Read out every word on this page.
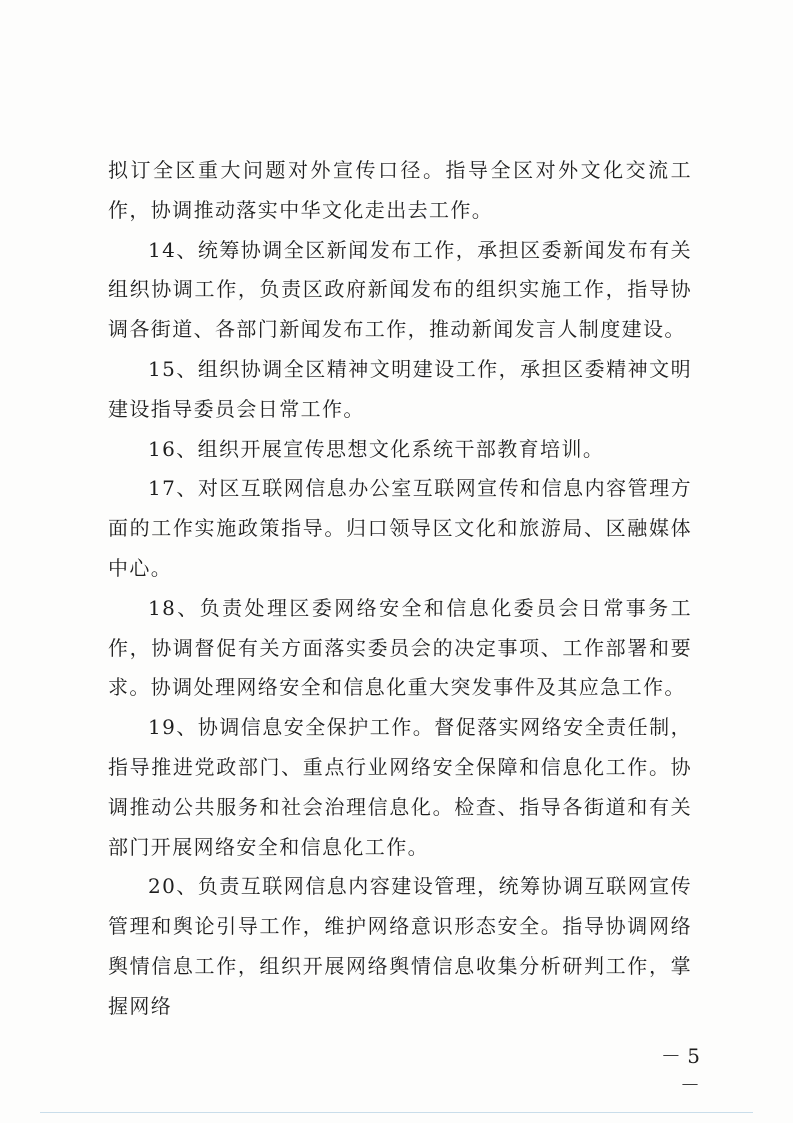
拟订全区重大问题对外宣传口径。指导全区对外文化交流工作，协调推动落实中华文化走出去工作。

14、统筹协调全区新闻发布工作，承担区委新闻发布有关组织协调工作，负责区政府新闻发布的组织实施工作，指导协调各街道、各部门新闻发布工作，推动新闻发言人制度建设。

15、组织协调全区精神文明建设工作，承担区委精神文明建设指导委员会日常工作。

16、组织开展宣传思想文化系统干部教育培训。

17、对区互联网信息办公室互联网宣传和信息内容管理方面的工作实施政策指导。归口领导区文化和旅游局、区融媒体中心。

18、负责处理区委网络安全和信息化委员会日常事务工作，协调督促有关方面落实委员会的决定事项、工作部署和要求。协调处理网络安全和信息化重大突发事件及其应急工作。

19、协调信息安全保护工作。督促落实网络安全责任制，指导推进党政部门、重点行业网络安全保障和信息化工作。协调推动公共服务和社会治理信息化。检查、指导各街道和有关部门开展网络安全和信息化工作。

20、负责互联网信息内容建设管理，统筹协调互联网宣传管理和舆论引导工作，维护网络意识形态安全。指导协调网络舆情信息工作，组织开展网络舆情信息收集分析研判工作，掌握网络

－ 5 －
